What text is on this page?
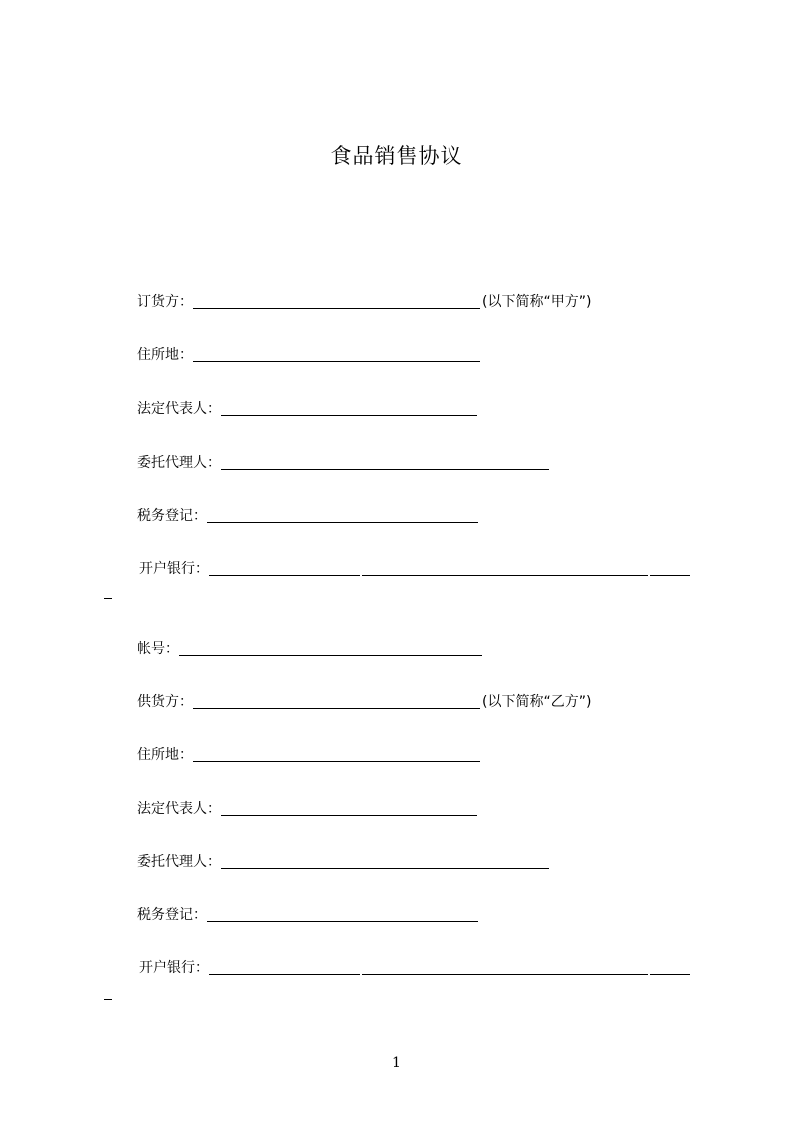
食品销售协议
订货方：	(以下简称“甲方”)
住所地：
法定代表人：
委托代理人：
税务登记：
开户银行：
帐号：
供货方：	(以下简称“乙方”)
住所地：
法定代表人：
委托代理人：
税务登记：
开户银行：
1
